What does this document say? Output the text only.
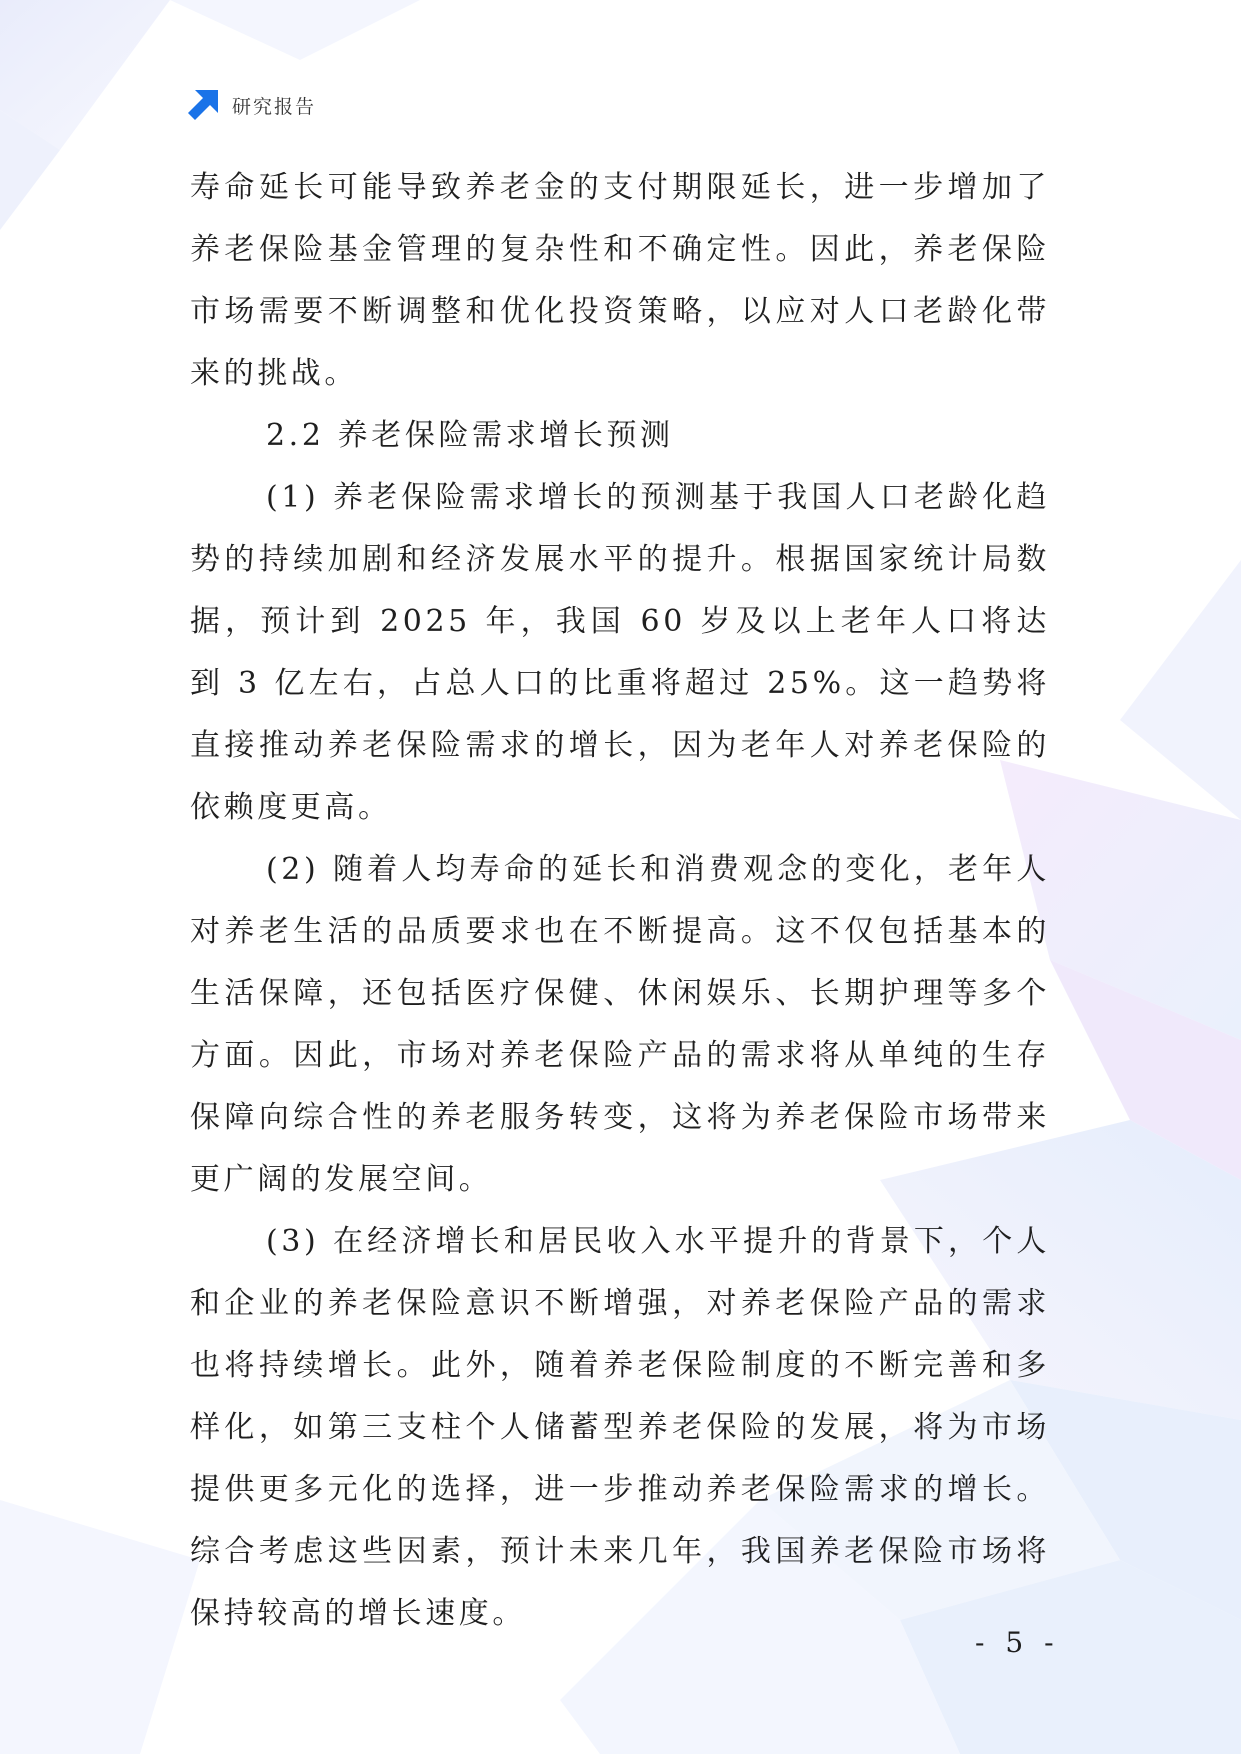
研究报告

寿命延长可能导致养老金的支付期限延长，进一步增加了养老保险基金管理的复杂性和不确定性。因此，养老保险市场需要不断调整和优化投资策略，以应对人口老龄化带来的挑战。

2.2 养老保险需求增长预测

(1) 养老保险需求增长的预测基于我国人口老龄化趋势的持续加剧和经济发展水平的提升。根据国家统计局数据，预计到 2025 年，我国 60 岁及以上老年人口将达到 3 亿左右，占总人口的比重将超过 25%。这一趋势将直接推动养老保险需求的增长，因为老年人对养老保险的依赖度更高。

(2) 随着人均寿命的延长和消费观念的变化，老年人对养老生活的品质要求也在不断提高。这不仅包括基本的生活保障，还包括医疗保健、休闲娱乐、长期护理等多个方面。因此，市场对养老保险产品的需求将从单纯的生存保障向综合性的养老服务转变，这将为养老保险市场带来更广阔的发展空间。

(3) 在经济增长和居民收入水平提升的背景下，个人和企业的养老保险意识不断增强，对养老保险产品的需求也将持续增长。此外，随着养老保险制度的不断完善和多样化，如第三支柱个人储蓄型养老保险的发展，将为市场提供更多元化的选择，进一步推动养老保险需求的增长。综合考虑这些因素，预计未来几年，我国养老保险市场将保持较高的增长速度。

- 5 -
